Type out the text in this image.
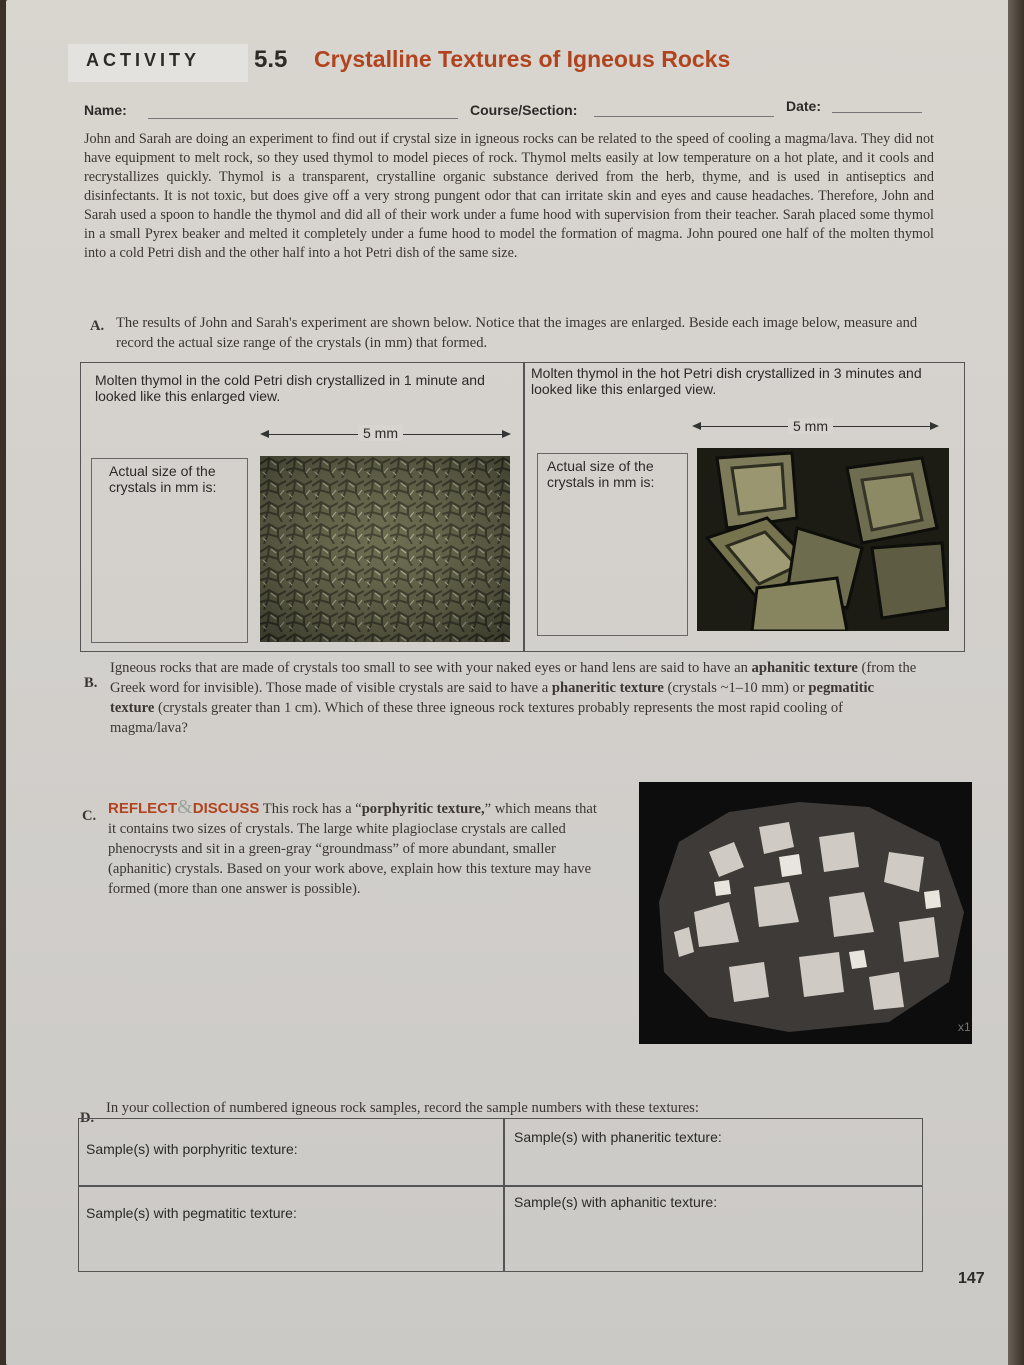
ACTIVITY 5.5 Crystalline Textures of Igneous Rocks
Name:	Course/Section:	Date:
John and Sarah are doing an experiment to find out if crystal size in igneous rocks can be related to the speed of cooling a magma/lava. They did not have equipment to melt rock, so they used thymol to model pieces of rock. Thymol melts easily at low temperature on a hot plate, and it cools and recrystallizes quickly. Thymol is a transparent, crystalline organic substance derived from the herb, thyme, and is used in antiseptics and disinfectants. It is not toxic, but does give off a very strong pungent odor that can irritate skin and eyes and cause headaches. Therefore, John and Sarah used a spoon to handle the thymol and did all of their work under a fume hood with supervision from their teacher. Sarah placed some thymol in a small Pyrex beaker and melted it completely under a fume hood to model the formation of magma. John poured one half of the molten thymol into a cold Petri dish and the other half into a hot Petri dish of the same size.
A. The results of John and Sarah's experiment are shown below. Notice that the images are enlarged. Beside each image below, measure and record the actual size range of the crystals (in mm) that formed.
Molten thymol in the cold Petri dish crystallized in 1 minute and looked like this enlarged view.
Molten thymol in the hot Petri dish crystallized in 3 minutes and looked like this enlarged view.
5 mm	5 mm
Actual size of the crystals in mm is:
Actual size of the crystals in mm is:
B.
Igneous rocks that are made of crystals too small to see with your naked eyes or hand lens are said to have an aphanitic texture (from the Greek word for invisible). Those made of visible crystals are said to have a phaneritic texture (crystals ~1–10 mm) or pegmatitic texture (crystals greater than 1 cm). Which of these three igneous rock textures probably represents the most rapid cooling of magma/lava?
C. REFLECT&DISCUSS This rock has a “porphyritic texture,” which means that it contains two sizes of crystals. The large white plagioclase crystals are called phenocrysts and sit in a green-gray “groundmass” of more abundant, smaller (aphanitic) crystals. Based on your work above, explain how this texture may have formed (more than one answer is possible).
x1
D.
In your collection of numbered igneous rock samples, record the sample numbers with these textures:
Sample(s) with porphyritic texture:
Sample(s) with phaneritic texture:
Sample(s) with pegmatitic texture:
Sample(s) with aphanitic texture:
147
